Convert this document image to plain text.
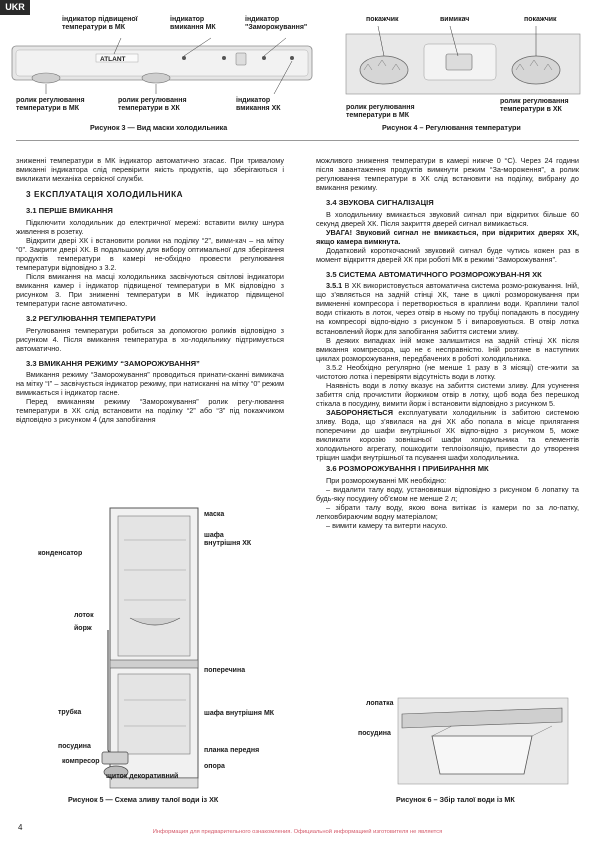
UKR
індикатор підвищеної
температури в МК
індикатор
вмикання МК
індикатор
"Заморожування"
ATLANT
ролик регулювання
температури в МК
ролик регулювання
температури в ХК
індикатор
вмикання ХК
Рисунок 3 — Вид маски холодильника
покажчик	вимикач	покажчик
ролик регулювання
температури в МК
ролик регулювання
температури в ХК
Рисунок 4 – Регулювання температури

зниженні температури в МК індикатор автоматично згасає. При тривалому вмиканні індикатора слід перевірити якість продуктів, що зберігаються і викликати механіка сервісної служби.

3 ЕКСПЛУАТАЦІЯ ХОЛОДИЛЬНИКА
3.1 ПЕРШЕ ВМИКАННЯ

Підключити холодильник до електричної мережі: вставити вилку шнура живлення в розетку.

Відкрити дверi ХК і встановити ролики на подiлку “2”, вими-кач – на мітку “0”. Закрити дверi ХК. В подальшому для вибору оптимальної для зберігання продуктів температури в камері не-обхідно провести регулювання температури відповідно з 3.2.

Після вмикання на масці холодильника засвічуються світлові індикатори вмикання камер і індикатор підвищеної температури в МК відповідно з рисунком 3. При зниженні температури в МК індикатор підвищеної температури гасне автоматично.

3.2 РЕГУЛЮВАННЯ ТЕМПЕРАТУРИ

Регулювання температури робиться за допомогою роликів відповідно з рисунком 4. Після вмикання температура в хо-лодильнику підтримується автоматично.

3.3 ВМИКАННЯ РЕЖИМУ “ЗАМОРОЖУВАННЯ”

Вмикання режиму “Заморожування” проводиться принати-сканні вимикача на мітку “I” – засвічується індикатор режиму, при натисканні на мітку “0” режим вимикається і індикатор гасне.

Перед вмиканням режиму “Заморожування” ролик регу-лювання температури в ХК слід встановити на подiлку “2” або “3” під покажчиком відповідно з рисунком 4 (для запобігання

маска
шафа
внутрішня ХК
конденсатор
лоток
йорж
поперечина
трубка	шафа внутрішня МК
посудина
планка передня
компресор
опора
щиток декоративний
Рисунок 5 — Схема зливу талої води із ХК

можливого зниження температури в камері нижче 0 °С). Через 24 години після завантаження продуктів вимкнути режим “За-мороження”, а ролик регулювання температури в ХК слід встановити на подiлку, вибрану до вмикання режиму.

3.4 ЗВУКОВА СИГНАЛІЗАЦІЯ

В холодильнику вмикається звуковий сигнал при відкритих більше 60 секунд дверей ХК. Після закриття дверей сигнал вимикається.

УВАГА! Звуковий сигнал не вмикається, при відкритих дверях ХК, якщо камера вимкнута.

Додатковий короткочасний звуковий сигнал буде чутиcь кожен раз в момент відкриття дверей ХК при роботі МК в режимі “Заморожування”.

3.5 СИСТЕМА АВТОМАТИЧНОГО РОЗМОРОЖУВАН-НЯ ХК

3.5.1 В ХК використовується автоматична система розмо-рожування. Іній, що з’являється на задній стінці ХК, тане в циклі розморожування при вимкненні компресора і перетворюється в краплини води. Краплини талої води стікають в лоток, через отвір в ньому по трубці попадають в посудину на компресорі відпо-відно з рисунком 5 і випаровуються. В отвір лотка встановлений йорж для запобігання забиття системи зливу.

В деяких випадках іній може залишитися на задній стінці ХК після вмикання компресора, що не є несправністю. Іній розтане в наступних циклах розморожування, передбачених в роботі холодильника.

3.5.2 Необхідно регулярно (не менше 1 разу в 3 місяці) сте-жити за чистотою лотка і перевіряти відсутність води в лотку.

Наявність води в лотку вказує на забиття системи зливу. Для усунення забиття слід прочистити йоржиком отвір в лотку, щоб вода без перешкод стікала в посудину, вимити йорж і встановити відповідно з рисунком 5.

ЗАБОРОНЯЄТЬСЯ експлуатувати холодильник із забитою системою зливу. Вода, що з’явилася на дні ХК або попала в місце прилягання поперечини до шафи внутрішньої ХК відпо-відно з рисунком 5, може викликати корозію зовнішньої шафи холодильника та елементів холодильного агрегату, пошкодити теплоізоляцію, привести до утворення тріщин шафи внутрішньої та псування шафи холодильника.

3.6 РОЗМОРОЖУВАННЯ І ПРИБИРАННЯ МК

При розморожуванні МК необхідно:

– видалити талу воду, установивши відповідно з рисунком 6 лопатку та будь-яку посудину об’ємом не менше 2 л;

– зібрати талу воду, якою вона витікає із камери по за ло-патку, легковбираючим водну матеріалом;

– вимити камеру та витерти насухо.

лопатка
посудина
Рисунок 6 – Збір талої води із МК
4	Информация для предварительного ознакомления. Официальной информацией изготовителя не является
